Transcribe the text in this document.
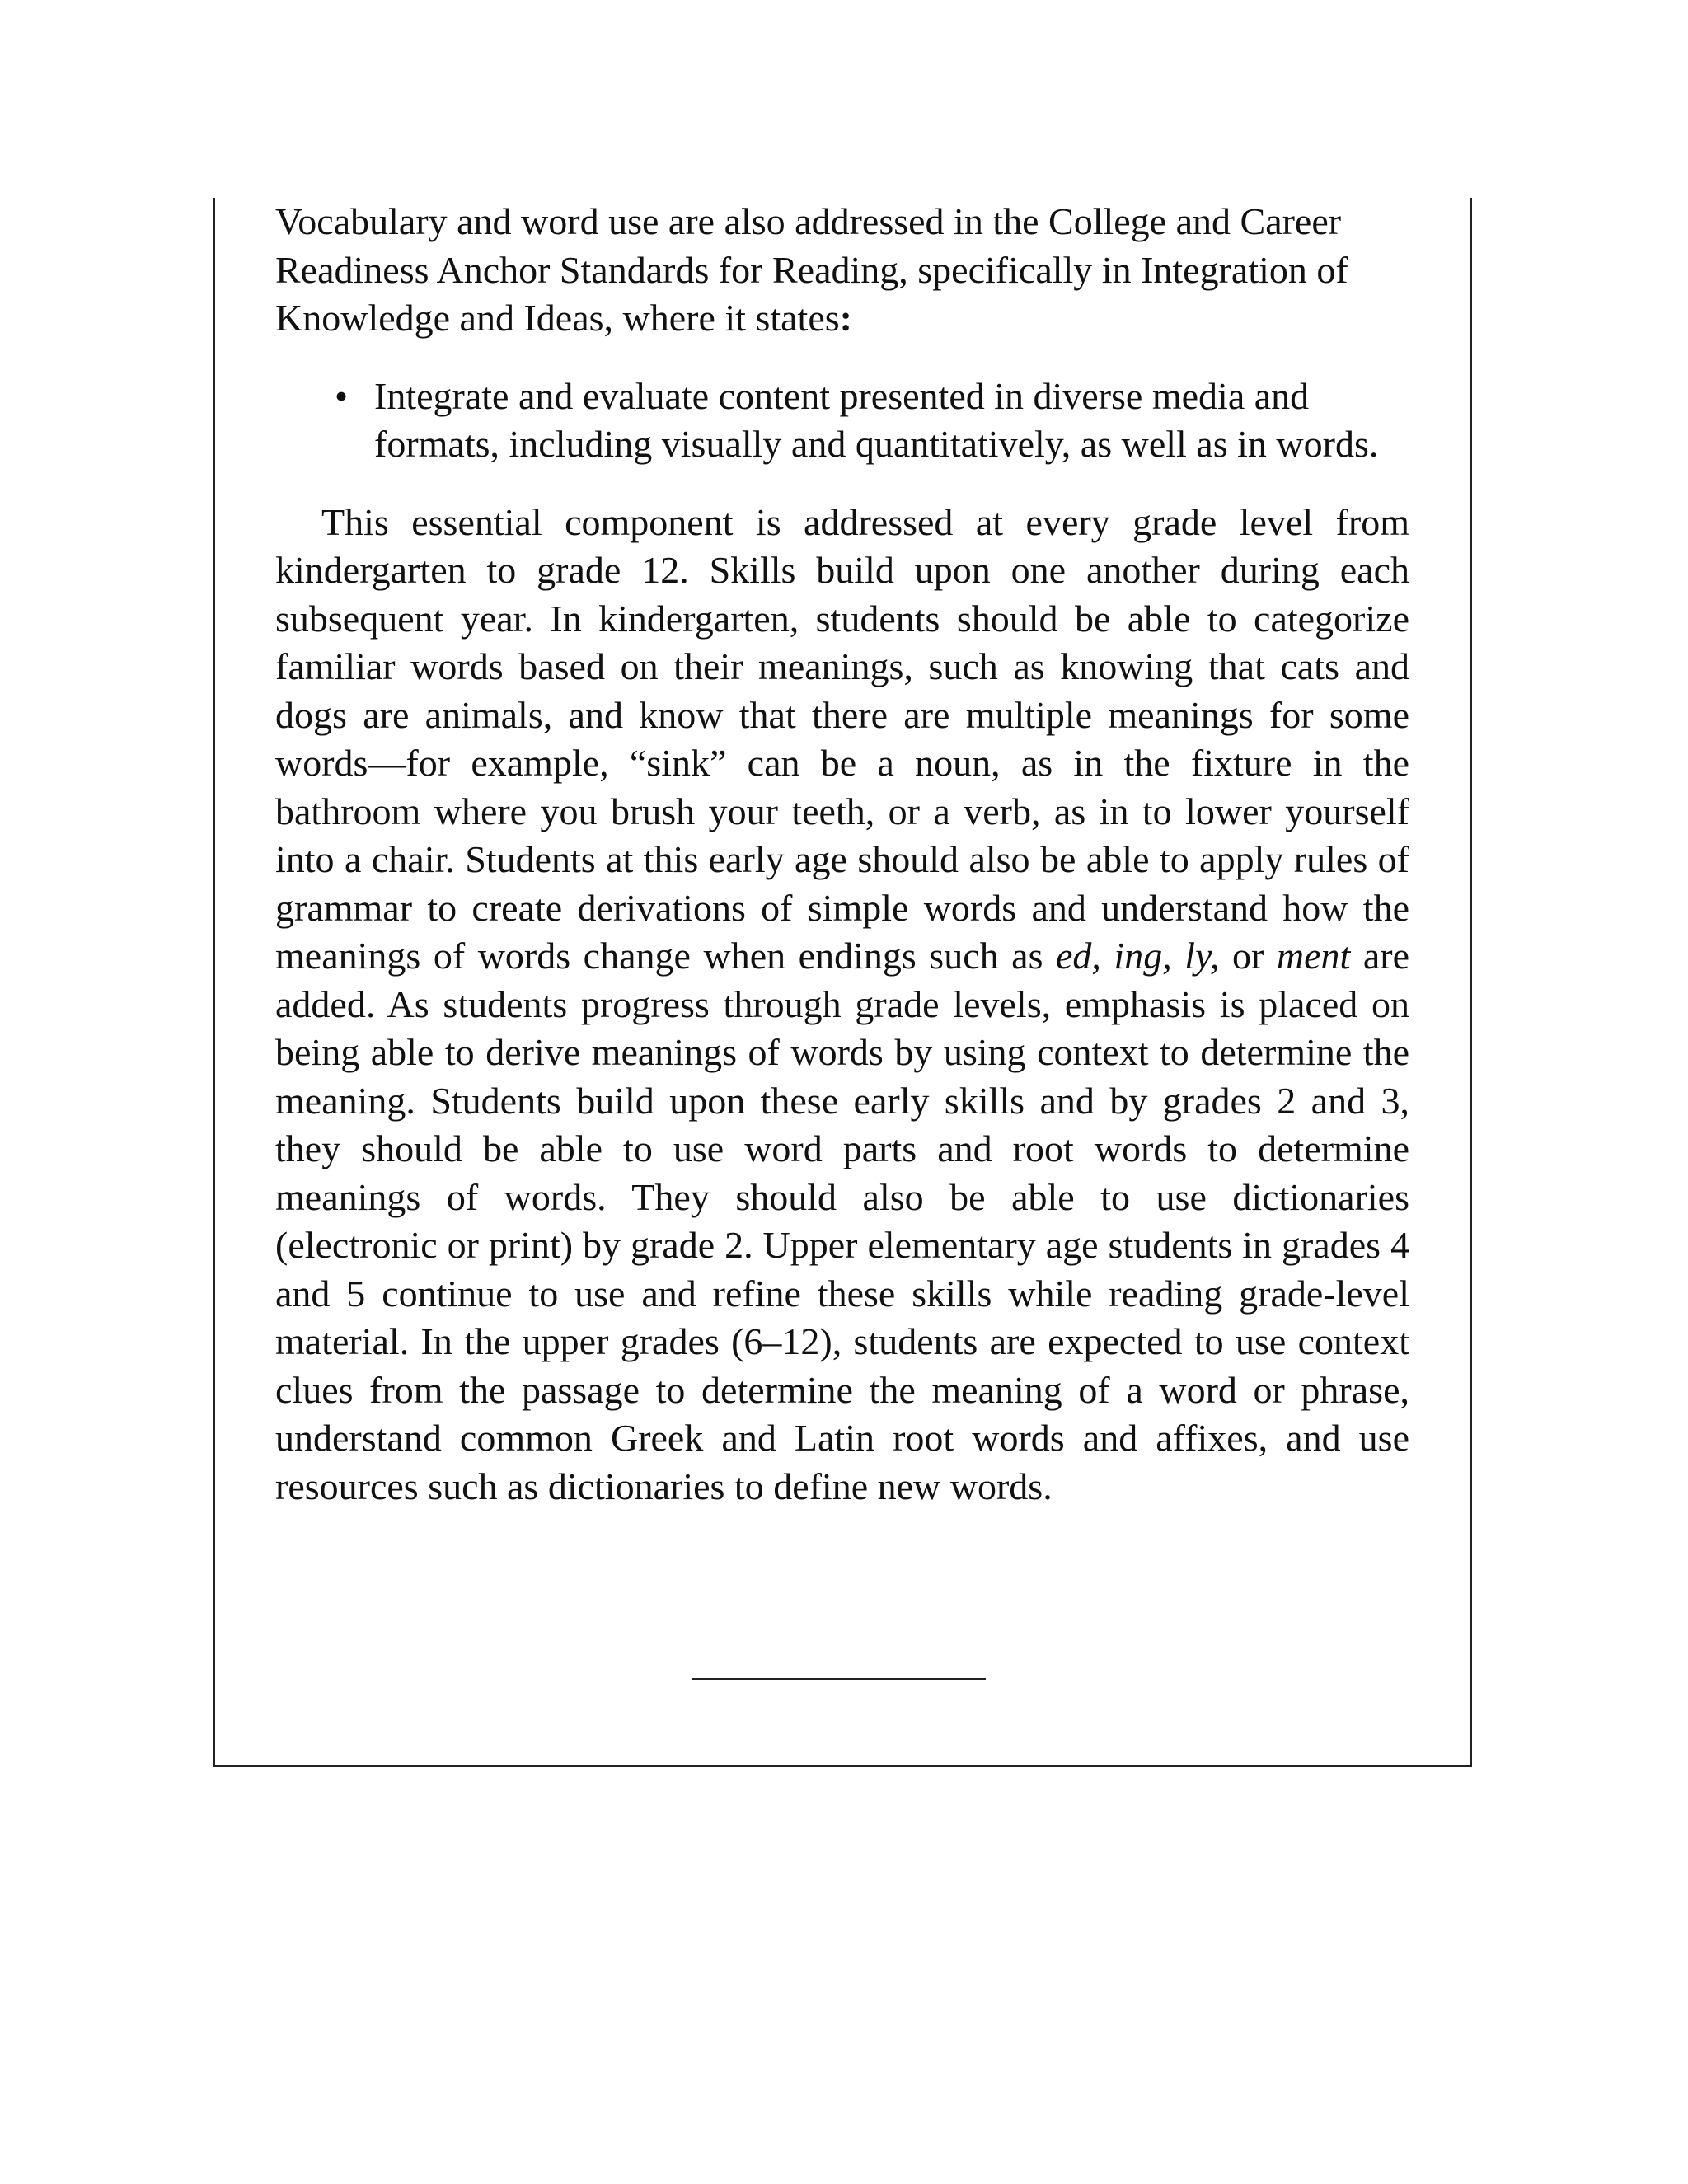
Vocabulary and word use are also addressed in the College and Career Readiness Anchor Standards for Reading, specifically in Integration of Knowledge and Ideas, where it states:

• Integrate and evaluate content presented in diverse media and formats, including visually and quantitatively, as well as in words.

This essential component is addressed at every grade level from kindergarten to grade 12. Skills build upon one another during each subsequent year. In kindergarten, students should be able to categorize familiar words based on their meanings, such as knowing that cats and dogs are animals, and know that there are multiple meanings for some words—for example, “sink” can be a noun, as in the fixture in the bathroom where you brush your teeth, or a verb, as in to lower yourself into a chair. Students at this early age should also be able to apply rules of grammar to create derivations of simple words and understand how the meanings of words change when endings such as ed, ing, ly, or ment are added. As students progress through grade levels, emphasis is placed on being able to derive meanings of words by using context to determine the meaning. Students build upon these early skills and by grades 2 and 3, they should be able to use word parts and root words to determine meanings of words. They should also be able to use dictionaries (electronic or print) by grade 2. Upper elementary age students in grades 4 and 5 continue to use and refine these skills while reading grade-level material. In the upper grades (6–12), students are expected to use context clues from the passage to determine the meaning of a word or phrase, understand common Greek and Latin root words and affixes, and use resources such as dictionaries to define new words.
